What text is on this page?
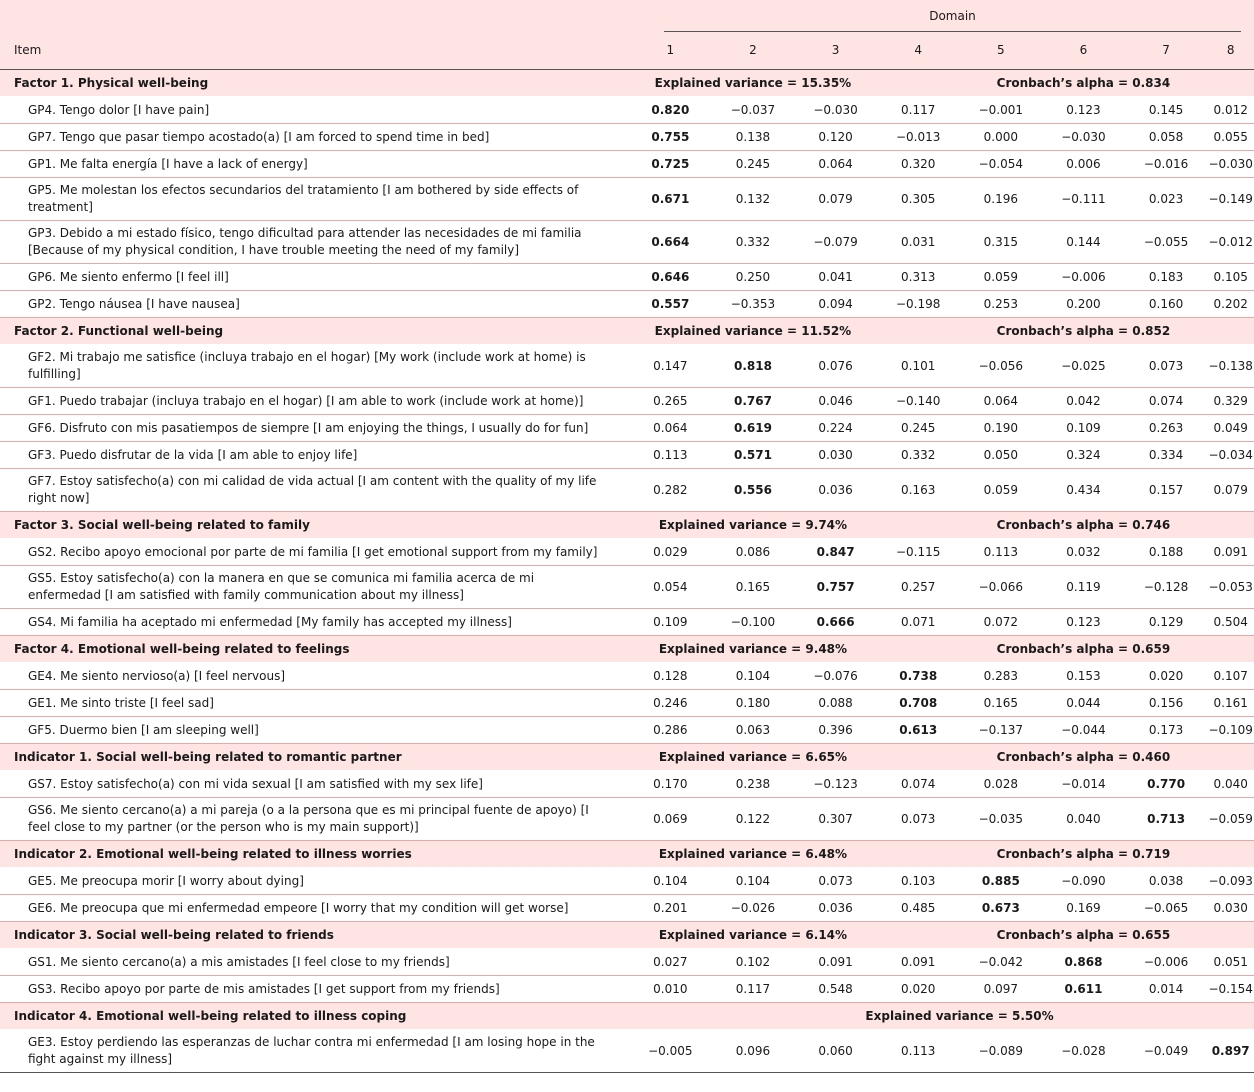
	Domain							

Item	1	2	3	4	5	6	7	8
Factor 1. Physical well-being	Explained variance = 15.35%				Cronbach’s alpha = 0.834			
GP4. Tengo dolor [I have pain]	0.820	−0.037	−0.030	0.117	−0.001	0.123	0.145	0.012
GP7. Tengo que pasar tiempo acostado(a) [I am forced to spend time in bed]	0.755	0.138	0.120	−0.013	0.000	−0.030	0.058	0.055
GP1. Me falta energía [I have a lack of energy]	0.725	0.245	0.064	0.320	−0.054	0.006	−0.016	−0.030
GP5. Me molestan los efectos secundarios del tratamiento [I am bothered by side effects of treatment]	0.671	0.132	0.079	0.305	0.196	−0.111	0.023	−0.149
GP3. Debido a mi estado físico, tengo dificultad para attender las necesidades de mi familia [Because of my physical condition, I have trouble meeting the need of my family]	0.664	0.332	−0.079	0.031	0.315	0.144	−0.055	−0.012
GP6. Me siento enfermo [I feel ill]	0.646	0.250	0.041	0.313	0.059	−0.006	0.183	0.105
GP2. Tengo náusea [I have nausea]	0.557	−0.353	0.094	−0.198	0.253	0.200	0.160	0.202
Factor 2. Functional well-being	Explained variance = 11.52%				Cronbach’s alpha = 0.852			
GF2. Mi trabajo me satisfice (incluya trabajo en el hogar) [My work (include work at home) is fulfilling]	0.147	0.818	0.076	0.101	−0.056	−0.025	0.073	−0.138
GF1. Puedo trabajar (incluya trabajo en el hogar) [I am able to work (include work at home)]	0.265	0.767	0.046	−0.140	0.064	0.042	0.074	0.329
GF6. Disfruto con mis pasatiempos de siempre [I am enjoying the things, I usually do for fun]	0.064	0.619	0.224	0.245	0.190	0.109	0.263	0.049
GF3. Puedo disfrutar de la vida [I am able to enjoy life]	0.113	0.571	0.030	0.332	0.050	0.324	0.334	−0.034
GF7. Estoy satisfecho(a) con mi calidad de vida actual [I am content with the quality of my life right now]	0.282	0.556	0.036	0.163	0.059	0.434	0.157	0.079
Factor 3. Social well-being related to family	Explained variance = 9.74%				Cronbach’s alpha = 0.746			
GS2. Recibo apoyo emocional por parte de mi familia [I get emotional support from my family]	0.029	0.086	0.847	−0.115	0.113	0.032	0.188	0.091
GS5. Estoy satisfecho(a) con la manera en que se comunica mi familia acerca de mi enfermedad [I am satisfied with family communication about my illness]	0.054	0.165	0.757	0.257	−0.066	0.119	−0.128	−0.053
GS4. Mi familia ha aceptado mi enfermedad [My family has accepted my illness]	0.109	−0.100	0.666	0.071	0.072	0.123	0.129	0.504
Factor 4. Emotional well-being related to feelings	Explained variance = 9.48%				Cronbach’s alpha = 0.659			
GE4. Me siento nervioso(a) [I feel nervous]	0.128	0.104	−0.076	0.738	0.283	0.153	0.020	0.107
GE1. Me sinto triste [I feel sad]	0.246	0.180	0.088	0.708	0.165	0.044	0.156	0.161
GF5. Duermo bien [I am sleeping well]	0.286	0.063	0.396	0.613	−0.137	−0.044	0.173	−0.109
Indicator 1. Social well-being related to romantic partner	Explained variance = 6.65%				Cronbach’s alpha = 0.460			
GS7. Estoy satisfecho(a) con mi vida sexual [I am satisfied with my sex life]	0.170	0.238	−0.123	0.074	0.028	−0.014	0.770	0.040
GS6. Me siento cercano(a) a mi pareja (o a la persona que es mi principal fuente de apoyo) [I feel close to my partner (or the person who is my main support)]	0.069	0.122	0.307	0.073	−0.035	0.040	0.713	−0.059
Indicator 2. Emotional well-being related to illness worries	Explained variance = 6.48%				Cronbach’s alpha = 0.719			
GE5. Me preocupa morir [I worry about dying]	0.104	0.104	0.073	0.103	0.885	−0.090	0.038	−0.093
GE6. Me preocupa que mi enfermedad empeore [I worry that my condition will get worse]	0.201	−0.026	0.036	0.485	0.673	0.169	−0.065	0.030
Indicator 3. Social well-being related to friends	Explained variance = 6.14%				Cronbach’s alpha = 0.655			
GS1. Me siento cercano(a) a mis amistades [I feel close to my friends]	0.027	0.102	0.091	0.091	−0.042	0.868	−0.006	0.051
GS3. Recibo apoyo por parte de mis amistades [I get support from my friends]	0.010	0.117	0.548	0.020	0.097	0.611	0.014	−0.154
Indicator 4. Emotional well-being related to illness coping		Explained variance = 5.50%						
GE3. Estoy perdiendo las esperanzas de luchar contra mi enfermedad [I am losing hope in the fight against my illness]	−0.005	0.096	0.060	0.113	−0.089	−0.028	−0.049	0.897
